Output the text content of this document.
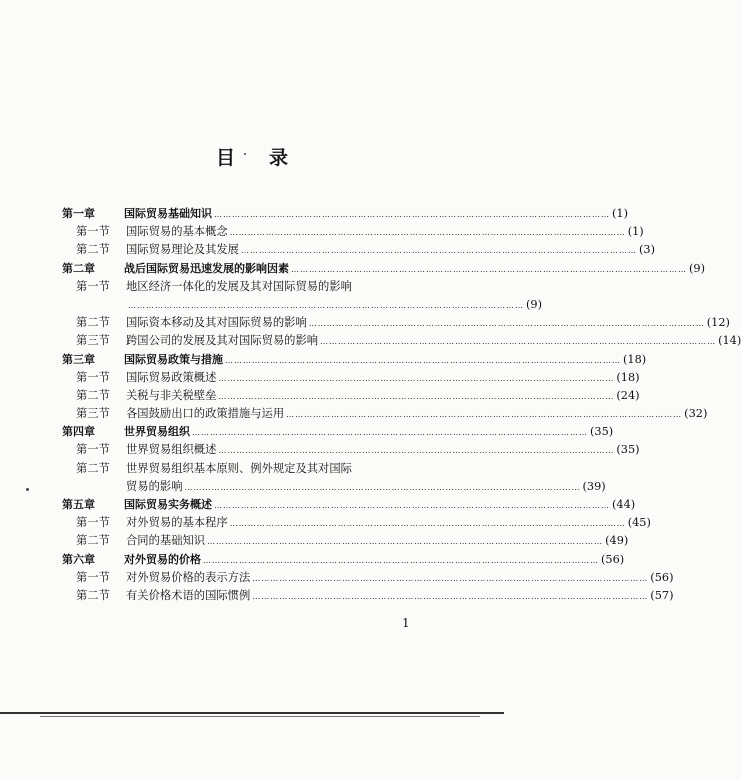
目 录
第一章	国际贸易基础知识 …………………………………………………………………………………………………………………… (1)
第一节	国际贸易的基本概念 …………………………………………………………………………………………………………………… (1)
第二节	国际贸易理论及其发展 …………………………………………………………………………………………………………………… (3)
第二章	战后国际贸易迅速发展的影响因素 …………………………………………………………………………………………………………………… (9)
第一节	地区经济一体化的发展及其对国际贸易的影响
…………………………………………………………………………………………………………………… (9)
第二节	国际资本移动及其对国际贸易的影响 …………………………………………………………………………………………………………………… (12)
第三节	跨国公司的发展及其对国际贸易的影响 …………………………………………………………………………………………………………………… (14)
第三章	国际贸易政策与措施 …………………………………………………………………………………………………………………… (18)
第一节	国际贸易政策概述 …………………………………………………………………………………………………………………… (18)
第二节	关税与非关税壁垒 …………………………………………………………………………………………………………………… (24)
第三节	各国鼓励出口的政策措施与运用 …………………………………………………………………………………………………………………… (32)
第四章	世界贸易组织 …………………………………………………………………………………………………………………… (35)
第一节	世界贸易组织概述 …………………………………………………………………………………………………………………… (35)
第二节	世界贸易组织基本原则、例外规定及其对国际
贸易的影响 …………………………………………………………………………………………………………………… (39)
第五章	国际贸易实务概述 …………………………………………………………………………………………………………………… (44)
第一节	对外贸易的基本程序 …………………………………………………………………………………………………………………… (45)
第二节	合同的基础知识 …………………………………………………………………………………………………………………… (49)
第六章	对外贸易的价格 …………………………………………………………………………………………………………………… (56)
第一节	对外贸易价格的表示方法 …………………………………………………………………………………………………………………… (56)
第二节	有关价格术语的国际惯例 …………………………………………………………………………………………………………………… (57)
1
